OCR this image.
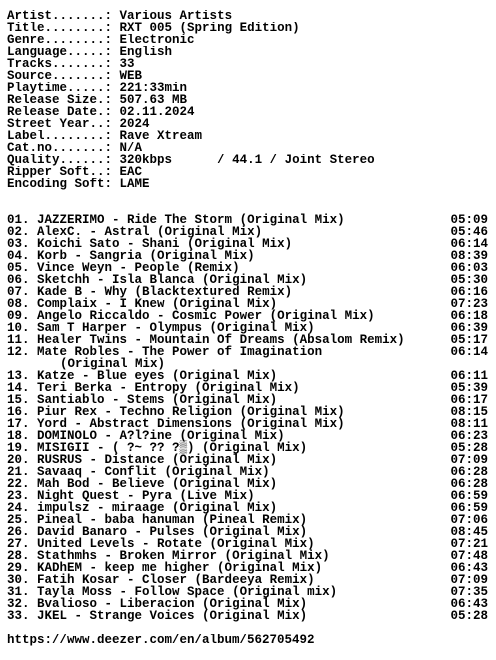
Artist.......: Various Artists
Title........: RXT 005 (Spring Edition)
Genre........: Electronic
Language.....: English
Tracks.......: 33
Source.......: WEB
Playtime.....: 221:33min
Release Size.: 507.63 MB
Release Date.: 02.11.2024
Street Year..: 2024
Label........: Rave Xtream
Cat.no.......: N/A
Quality......: 320kbps      / 44.1 / Joint Stereo
Ripper Soft..: EAC
Encoding Soft: LAME
01. JAZZERIMO - Ride The Storm (Original Mix)	05:09
02. AlexC. - Astral (Original Mix)	05:46
03. Koichi Sato - Shani (Original Mix)	06:14
04. Korb - Sangria (Original Mix)	08:39
05. Vince Weyn - People (Remix)	06:03
06. Sketchh - Isla Blanca (Original Mix)	05:30
07. Kade B - Why (Blacktextured Remix)	06:16
08. Complaix - I Knew (Original Mix)	07:23
09. Angelo Riccaldo - Cosmic Power (Original Mix)	06:18
10. Sam T Harper - Olympus (Original Mix)	06:39
11. Healer Twins - Mountain Of Dreams (Absalom Remix)	05:17
12. Mate Robles - The Power of Imagination	06:14
(Original Mix)
13. Katze - Blue eyes (Original Mix)	06:11
14. Teri Berka - Entropy (Original Mix)	05:39
15. Santiablo - Stems (Original Mix)	06:17
16. Piur Rex - Techno Religion (Original Mix)	08:15
17. Yord - Abstract Dimensions (Original Mix)	08:11
18. DOMINOLO - A?l?ine (Original Mix)	06:23
19. MISIGII - ( ?~ ?? ?▒) (Original Mix)	05:28
20. RUSRUS - Distance (Original Mix)	07:09
21. Savaaq - Conflit (Original Mix)	06:28
22. Mah Bod - Believe (Original Mix)	06:28
23. Night Quest - Pyra (Live Mix)	06:59
24. impulsz - miraage (Original Mix)	06:59
25. Pineal - baba hanuman (Pineal Remix)	07:06
26. David Banaro - Pulses (Original Mix)	08:45
27. United Levels - Rotate (Original Mix)	07:21
28. Stathmhs - Broken Mirror (Original Mix)	07:48
29. KADhEM - keep me higher (Original Mix)	06:43
30. Fatih Kosar - Closer (Bardeeya Remix)	07:09
31. Tayla Moss - Follow Space (Original mix)	07:35
32. Bvalioso - Liberacion (Original Mix)	06:43
33. JKEL - Strange Voices (Original Mix)	05:28
https://www.deezer.com/en/album/562705492
